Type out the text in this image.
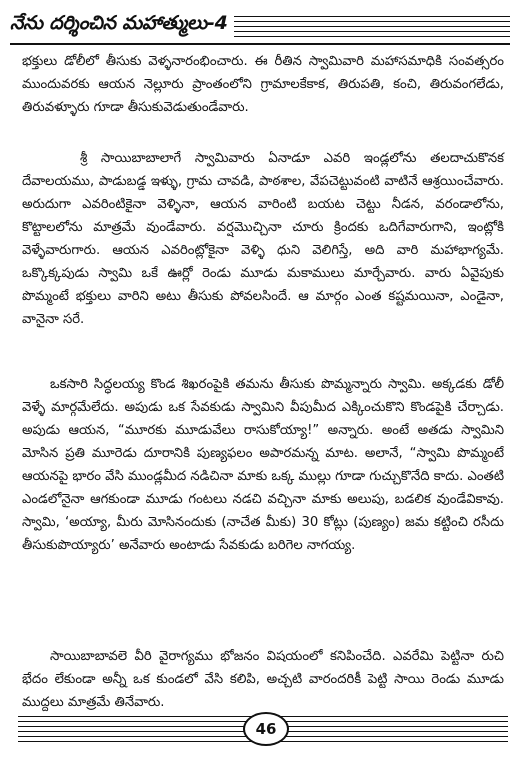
నేను దర్శించిన మహాత్ములు-4

భక్తులు డోలీలో తీసుకు వెళ్ళనారంభించారు. ఈ రీతిన స్వామివారి మహాసమాధికి సంవత్సరం ముందువరకు ఆయన నెల్లూరు ప్రాంతంలోని గ్రామాలకేకాక, తిరుపతి, కంచి, తిరువంగలేడు, తిరువళ్ళూరు గూడా తీసుకువెడుతుండేవారు.

శ్రీ సాయిబాబాలాగే స్వామివారు ఏనాడూ ఎవరి ఇండ్లలోను తలదాచుకొనక దేవాలయము, పాడుబడ్డ ఇళ్ళు, గ్రామ చావడి, పాఠశాల, వేపచెట్టువంటి వాటినే ఆశ్రయించేవారు. అరుదుగా ఎవరింటికైనా వెళ్ళినా, ఆయన వారింటి బయట చెట్టు నీడన, వరండాలోను, కొట్టాలలోను మాత్రమే వుండేవారు. వర్షమొచ్చినా చూరు క్రిందకు ఒదిగేవారుగాని, ఇంట్లోకి వెళ్ళేవారుగారు. ఆయన ఎవరింట్లోకైనా వెళ్ళి ధుని వెలిగిస్తే, అది వారి మహాభాగ్యమే. ఒక్కొక్కపుడు స్వామి ఒకే ఊర్లో రెండు మూడు మకాములు మార్చేవారు. వారు ఏవైపుకు పొమ్మంటే భక్తులు వారిని అటు తీసుకు పోవలసిందే. ఆ మార్గం ఎంత కష్టమయినా, ఎండైనా, వానైనా సరే.

ఒకసారి సిద్ధలయ్య కొండ శిఖరంపైకి తమను తీసుకు పొమ్మన్నారు స్వామి. అక్కడకు డోలీ వెళ్ళే మార్గమేలేదు. అపుడు ఒక సేవకుడు స్వామిని వీపుమీద ఎక్కించుకొని కొండపైకి చేర్చాడు. అపుడు ఆయన, “మూరకు మూడువేలు రాసుకోయ్యా!” అన్నారు. అంటే అతడు స్వామిని మోసిన ప్రతి మూరెడు దూరానికి పుణ్యఫలం అపారమన్న మాట. అలానే, “స్వామి పొమ్మంటే ఆయనపై భారం వేసి ముండ్లమీద నడిచినా మాకు ఒక్క ముల్లు గూడా గుచ్చుకొనేది కాదు. ఎంతటి ఎండలోనైనా ఆగకుండా మూడు గంటలు నడచి వచ్చినా మాకు అలుపు, బడలిక వుండేవికావు. స్వామి, ‘అయ్యా, మీరు మోసినందుకు (నాచేత మీకు) 30 కోట్లు (పుణ్యం) జమ కట్టించి రసీదు తీసుకుపొయ్యారు’ అనేవారు అంటాడు సేవకుడు బరిగెల నాగయ్య.

సాయిబాబావలె వీరి వైరాగ్యము భోజనం విషయంలో కనిపించేది. ఎవరేమి పెట్టినా రుచి భేదం లేకుండా అన్నీ ఒక కుండలో వేసి కలిపి, అచ్చటి వారందరికీ పెట్టి సాయి రెండు మూడు ముద్దలు మాత్రమే తినేవారు.

46
